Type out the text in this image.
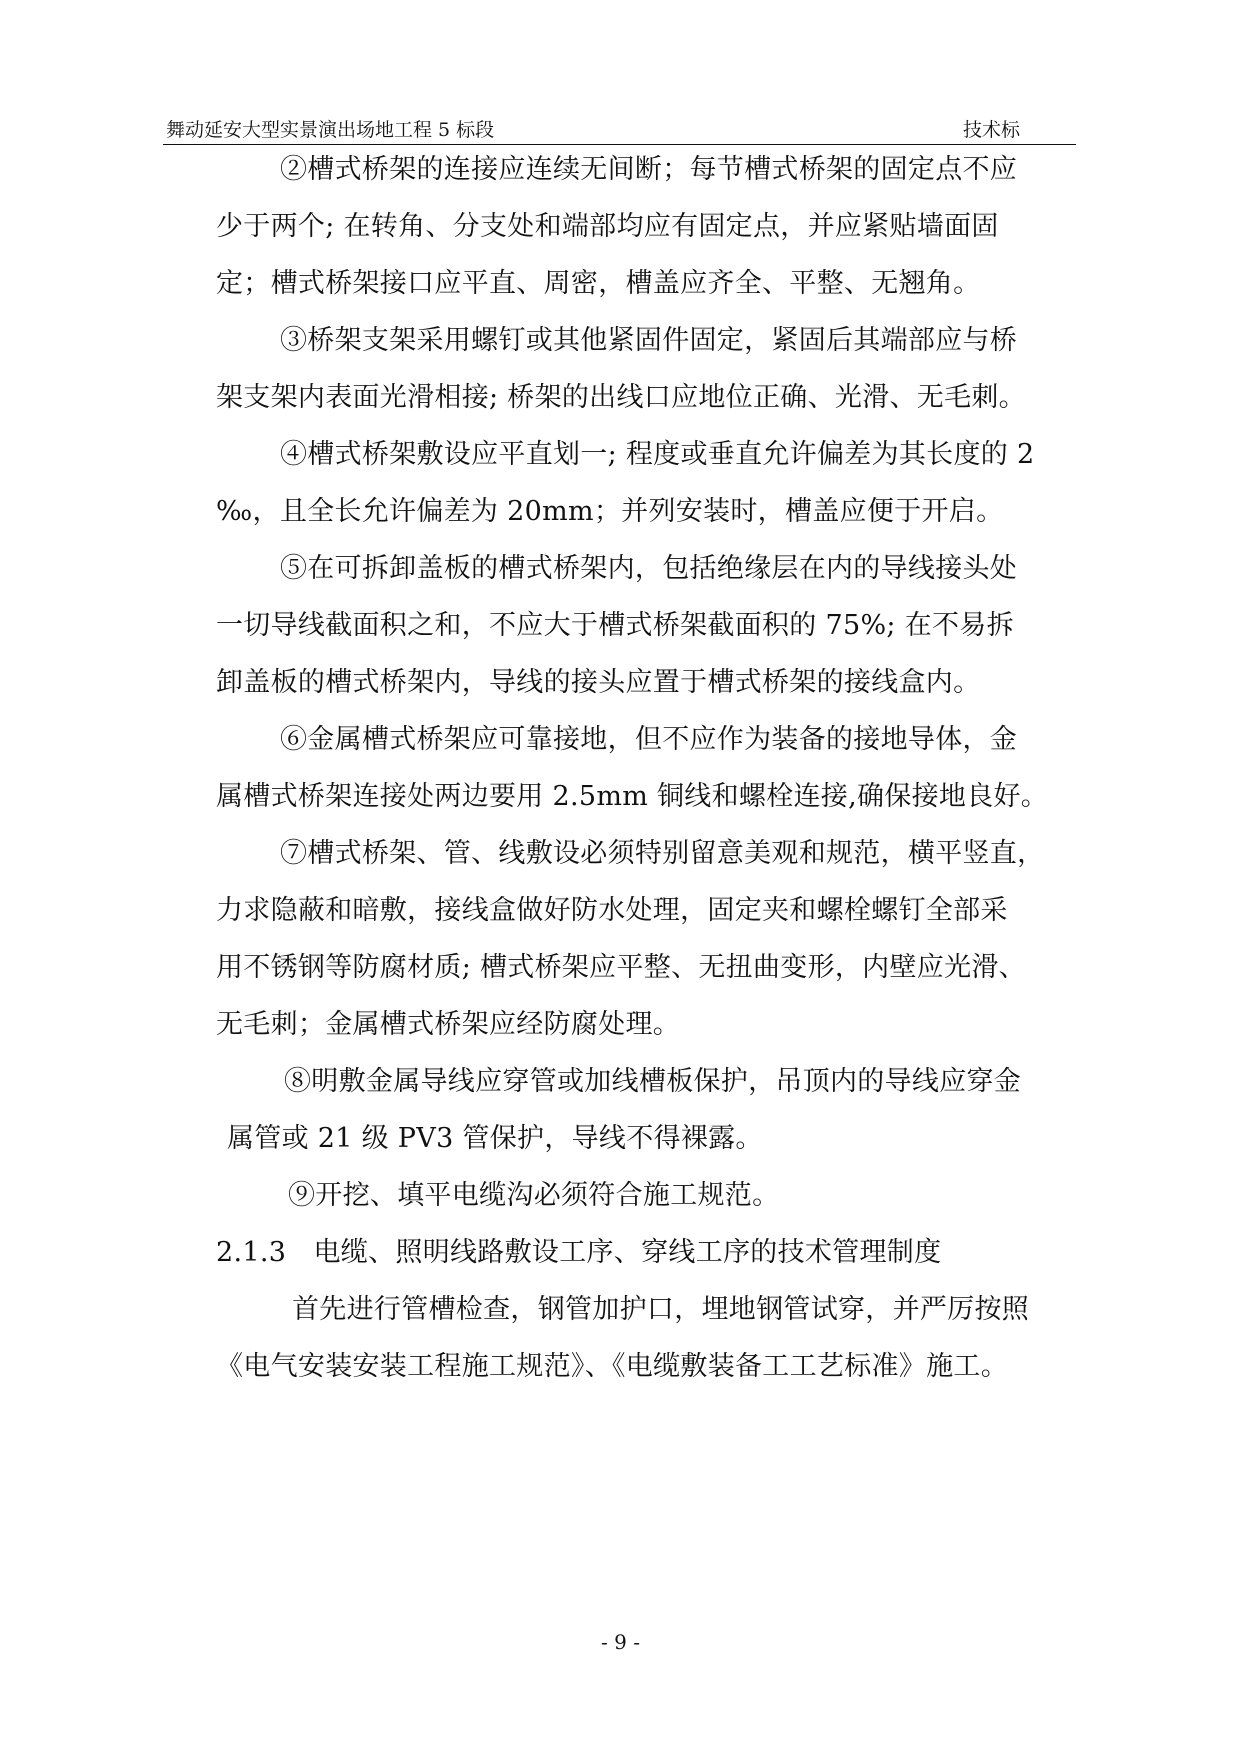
舞动延安大型实景演出场地工程 5 标段	技术标
②槽式桥架的连接应连续无间断；每节槽式桥架的固定点不应
少于两个; 在转角、分支处和端部均应有固定点，并应紧贴墙面固
定；槽式桥架接口应平直、周密，槽盖应齐全、平整、无翘角。
③桥架支架采用螺钉或其他紧固件固定，紧固后其端部应与桥
架支架内表面光滑相接; 桥架的出线口应地位正确、光滑、无毛刺。
④槽式桥架敷设应平直划一; 程度或垂直允许偏差为其长度的 2
‰，且全长允许偏差为 20mm；并列安装时，槽盖应便于开启。
⑤在可拆卸盖板的槽式桥架内，包括绝缘层在内的导线接头处
一切导线截面积之和，不应大于槽式桥架截面积的 75%; 在不易拆
卸盖板的槽式桥架内，导线的接头应置于槽式桥架的接线盒内。
⑥金属槽式桥架应可靠接地，但不应作为装备的接地导体，金
属槽式桥架连接处两边要用 2.5mm 铜线和螺栓连接,确保接地良好。
⑦槽式桥架、管、线敷设必须特别留意美观和规范，横平竖直，
力求隐蔽和暗敷，接线盒做好防水处理，固定夹和螺栓螺钉全部采
用不锈钢等防腐材质; 槽式桥架应平整、无扭曲变形，内壁应光滑、
无毛刺；金属槽式桥架应经防腐处理。
⑧明敷金属导线应穿管或加线槽板保护，吊顶内的导线应穿金
属管或 21 级 PV3 管保护，导线不得裸露。
⑨开挖、填平电缆沟必须符合施工规范。
2.1.3　电缆、照明线路敷设工序、穿线工序的技术管理制度
首先进行管槽检查，钢管加护口，埋地钢管试穿，并严厉按照
《电气安装安装工程施工规范》、《电缆敷装备工工艺标准》施工。
- 9 -
